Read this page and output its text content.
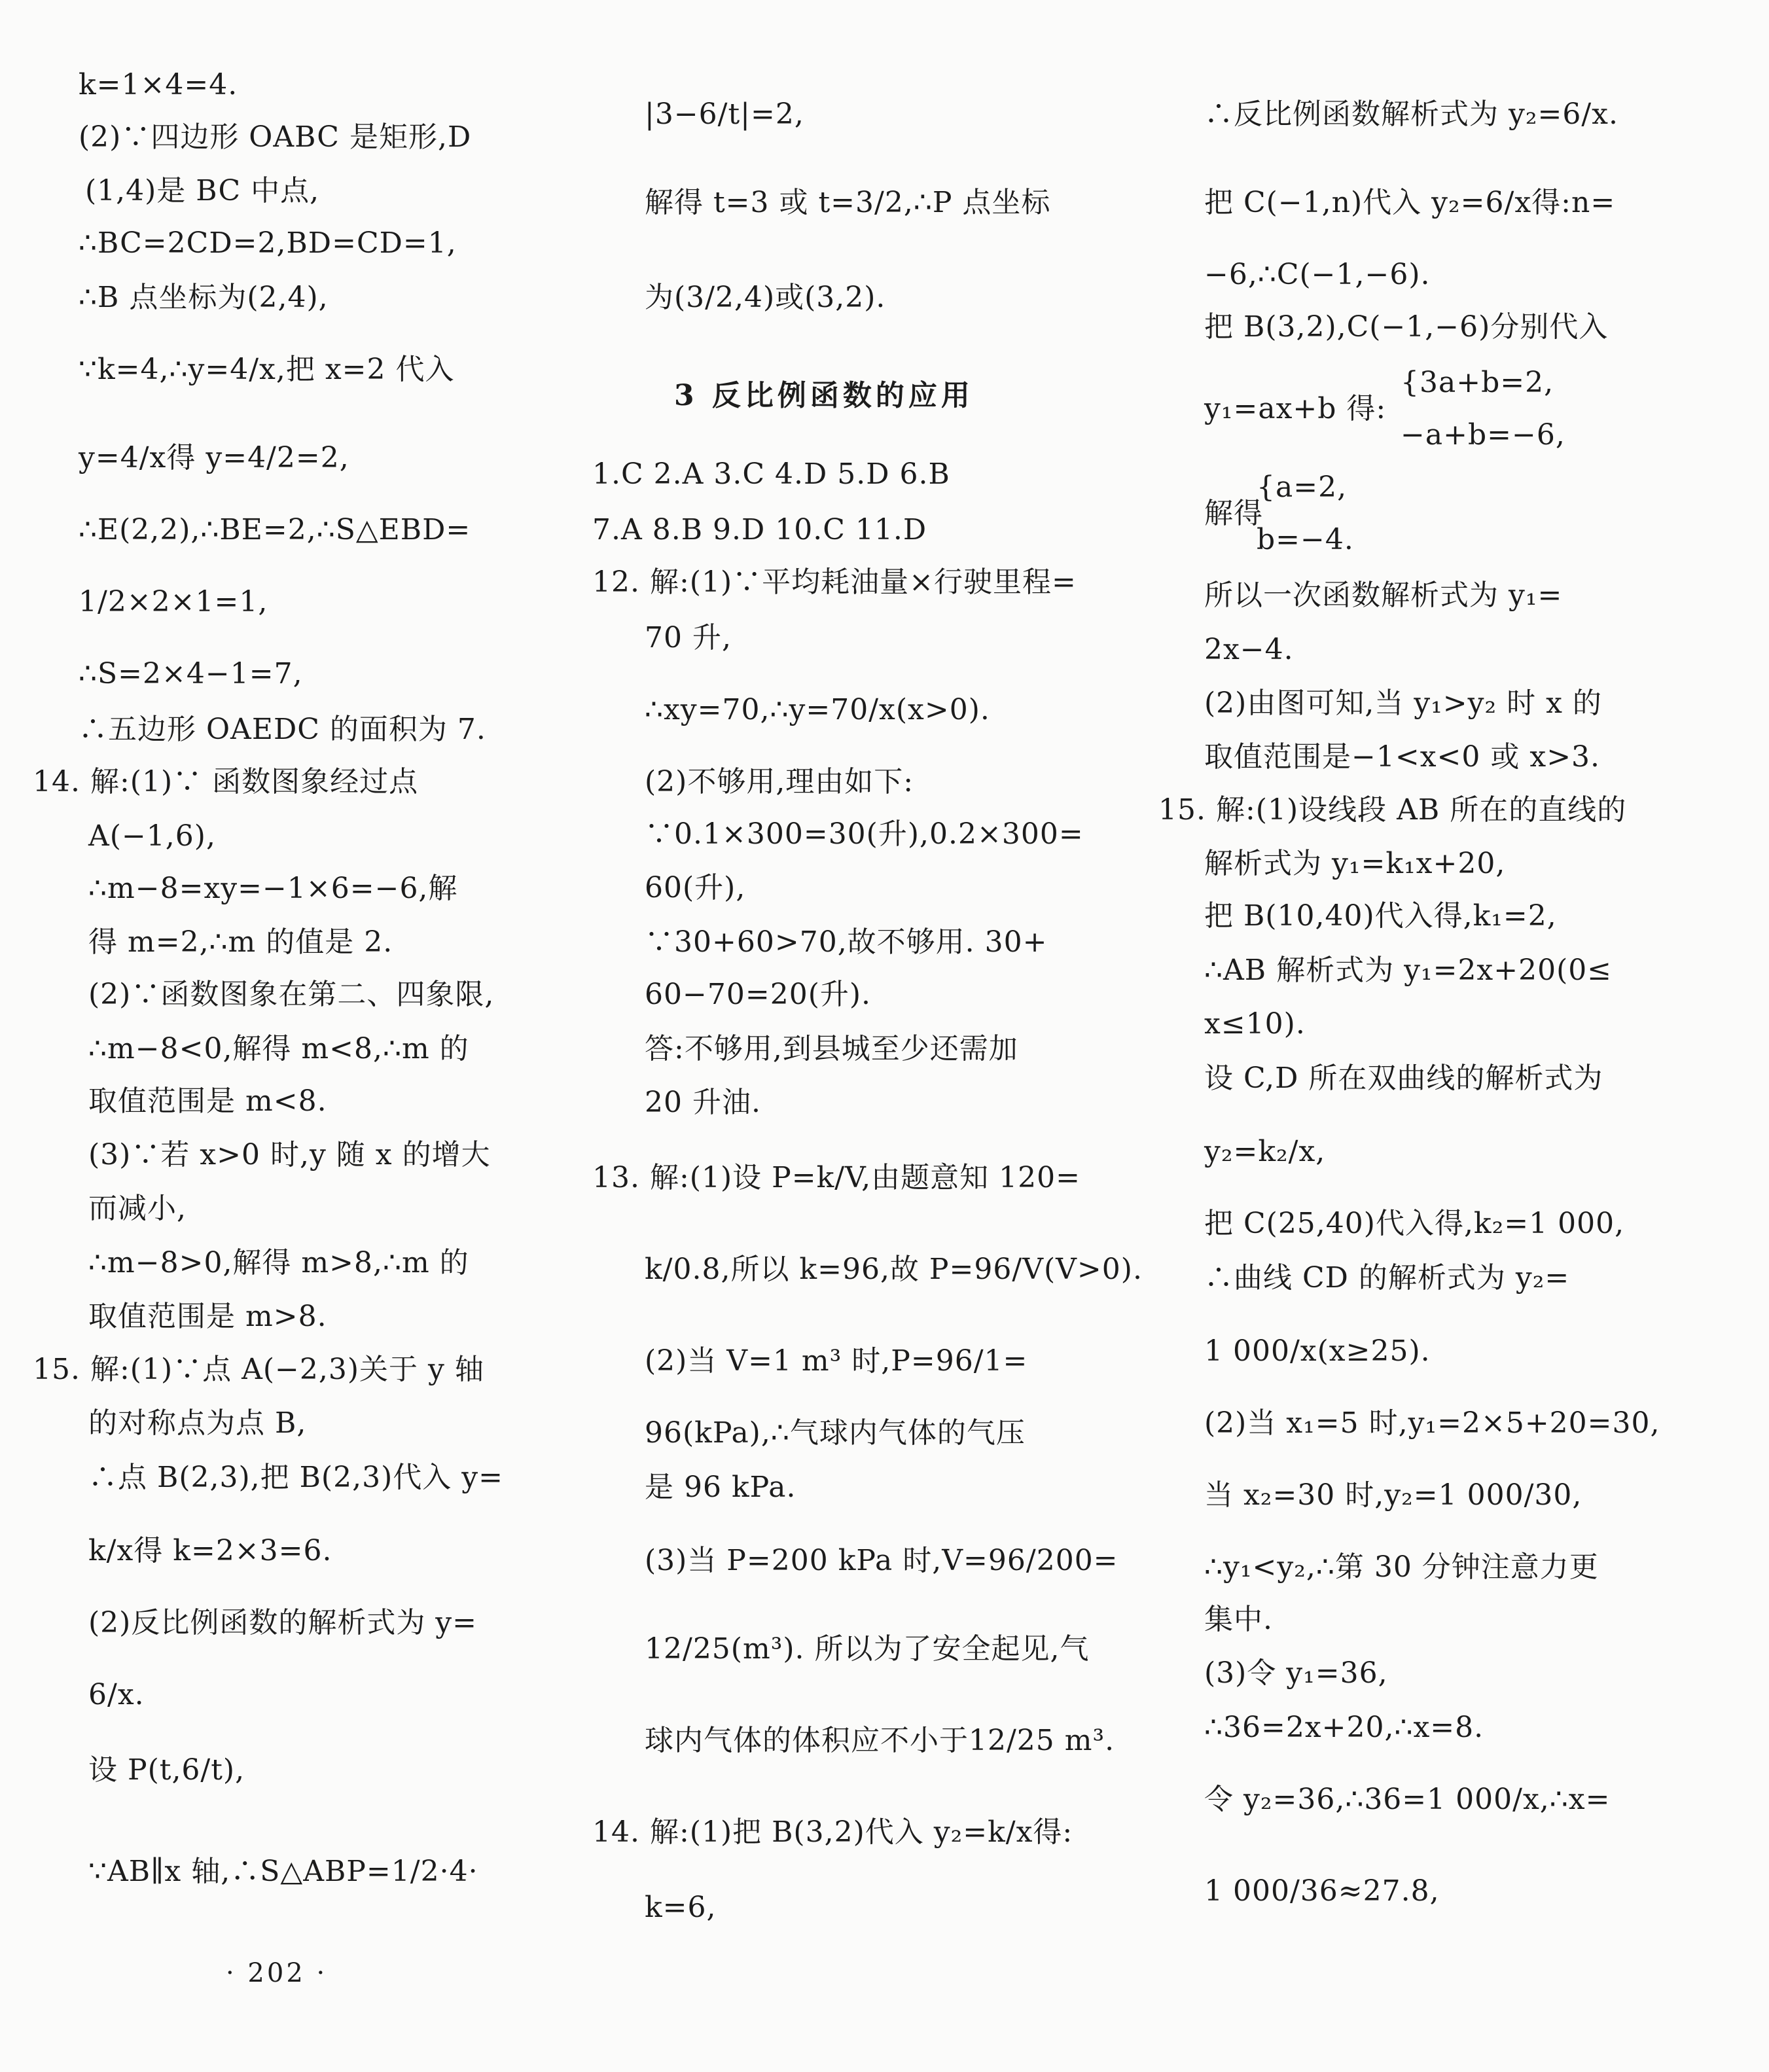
k=1×4=4.
(2)∵四边形 OABC 是矩形,D
(1,4)是 BC 中点,
∴BC=2CD=2,BD=CD=1,
∴B 点坐标为(2,4),
∵k=4,∴y=4/x,把 x=2 代入
y=4/x得 y=4/2=2,
∴E(2,2),∴BE=2,∴S△EBD=
1/2×2×1=1,
∴S=2×4−1=7,
∴五边形 OAEDC 的面积为 7.
14. 解:(1)∵ 函数图象经过点
A(−1,6),
∴m−8=xy=−1×6=−6,解
得 m=2,∴m 的值是 2.
(2)∵函数图象在第二、四象限,
∴m−8<0,解得 m<8,∴m 的
取值范围是 m<8.
(3)∵若 x>0 时,y 随 x 的增大
而减小,
∴m−8>0,解得 m>8,∴m 的
取值范围是 m>8.
15. 解:(1)∵点 A(−2,3)关于 y 轴
的对称点为点 B,
∴点 B(2,3),把 B(2,3)代入 y=
k/x得 k=2×3=6.
(2)反比例函数的解析式为 y=
6/x.
设 P(t,6/t),
∵AB∥x 轴,∴S△ABP=1/2·4·
|3−6/t|=2,
解得 t=3 或 t=3/2,∴P 点坐标
为(3/2,4)或(3,2).
3 反比例函数的应用
1.C 2.A 3.C 4.D 5.D 6.B
7.A 8.B 9.D 10.C 11.D
12. 解:(1)∵平均耗油量×行驶里程=
70 升,
∴xy=70,∴y=70/x(x>0).
(2)不够用,理由如下:
∵0.1×300=30(升),0.2×300=
60(升),
∵30+60>70,故不够用. 30+
60−70=20(升).
答:不够用,到县城至少还需加
20 升油.
13. 解:(1)设 P=k/V,由题意知 120=
k/0.8,所以 k=96,故 P=96/V(V>0).
(2)当 V=1 m³ 时,P=96/1=
96(kPa),∴气球内气体的气压
是 96 kPa.
(3)当 P=200 kPa 时,V=96/200=
12/25(m³). 所以为了安全起见,气
球内气体的体积应不小于12/25 m³.
14. 解:(1)把 B(3,2)代入 y₂=k/x得:
k=6,
∴反比例函数解析式为 y₂=6/x.
把 C(−1,n)代入 y₂=6/x得:n=
−6,∴C(−1,−6).
把 B(3,2),C(−1,−6)分别代入
{3a+b=2,
y₁=ax+b 得:
−a+b=−6,
{a=2,
解得
b=−4.
所以一次函数解析式为 y₁=
2x−4.
(2)由图可知,当 y₁>y₂ 时 x 的
取值范围是−1<x<0 或 x>3.
15. 解:(1)设线段 AB 所在的直线的
解析式为 y₁=k₁x+20,
把 B(10,40)代入得,k₁=2,
∴AB 解析式为 y₁=2x+20(0≤
x≤10).
设 C,D 所在双曲线的解析式为
y₂=k₂/x,
把 C(25,40)代入得,k₂=1 000,
∴曲线 CD 的解析式为 y₂=
1 000/x(x≥25).
(2)当 x₁=5 时,y₁=2×5+20=30,
当 x₂=30 时,y₂=1 000/30,
∴y₁<y₂,∴第 30 分钟注意力更
集中.
(3)令 y₁=36,
∴36=2x+20,∴x=8.
令 y₂=36,∴36=1 000/x,∴x=
1 000/36≈27.8,
· 202 ·
